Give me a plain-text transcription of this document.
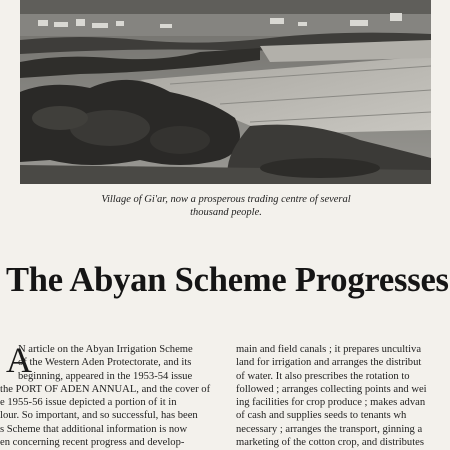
Village of Gi'ar, now a prosperous trading centre of several
thousand people.
The Abyan Scheme Progresses
A
N article on the Abyan Irrigation Scheme
of the Western Aden Protectorate, and its
beginning, appeared in the 1953-54 issue
the PORT OF ADEN ANNUAL, and the cover of
e 1955-56 issue depicted a portion of it in
lour. So important, and so successful, has been
s Scheme that additional information is now
en concerning recent progress and develop-
main and field canals ; it prepares uncultiva
land for irrigation and arranges the distribut
of water. It also prescribes the rotation to
followed ; arranges collecting points and wei
ing facilities for crop produce ; makes advan
of cash and supplies seeds to tenants wh
necessary ; arranges the transport, ginning a
marketing of the cotton crop, and distributes
